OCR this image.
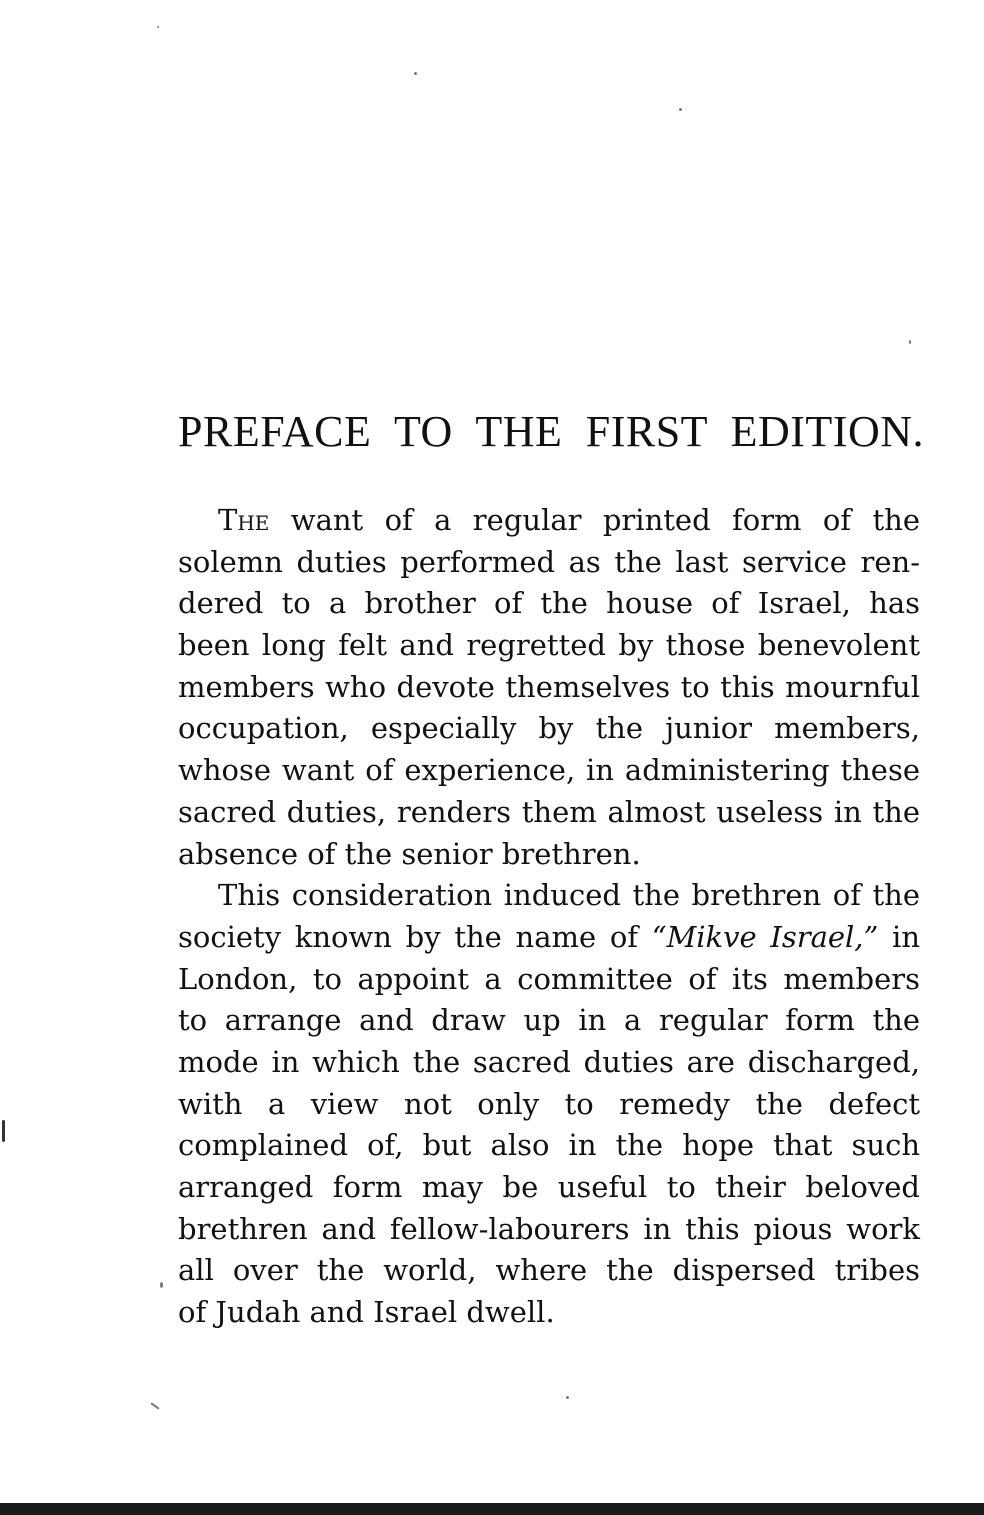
PREFACE TO THE FIRST EDITION.
The want of a regular printed form of the
solemn duties performed as the last service ren-
dered to a brother of the house of Israel, has
been long felt and regretted by those benevolent
members who devote themselves to this mournful
occupation, especially by the junior members,
whose want of experience, in administering these
sacred duties, renders them almost useless in the
absence of the senior brethren.
This consideration induced the brethren of the
society known by the name of “Mikve Israel,” in
London, to appoint a committee of its members
to arrange and draw up in a regular form the
mode in which the sacred duties are discharged,
with a view not only to remedy the defect
complained of, but also in the hope that such
arranged form may be useful to their beloved
brethren and fellow-labourers in this pious work
all over the world, where the dispersed tribes
of Judah and Israel dwell.
